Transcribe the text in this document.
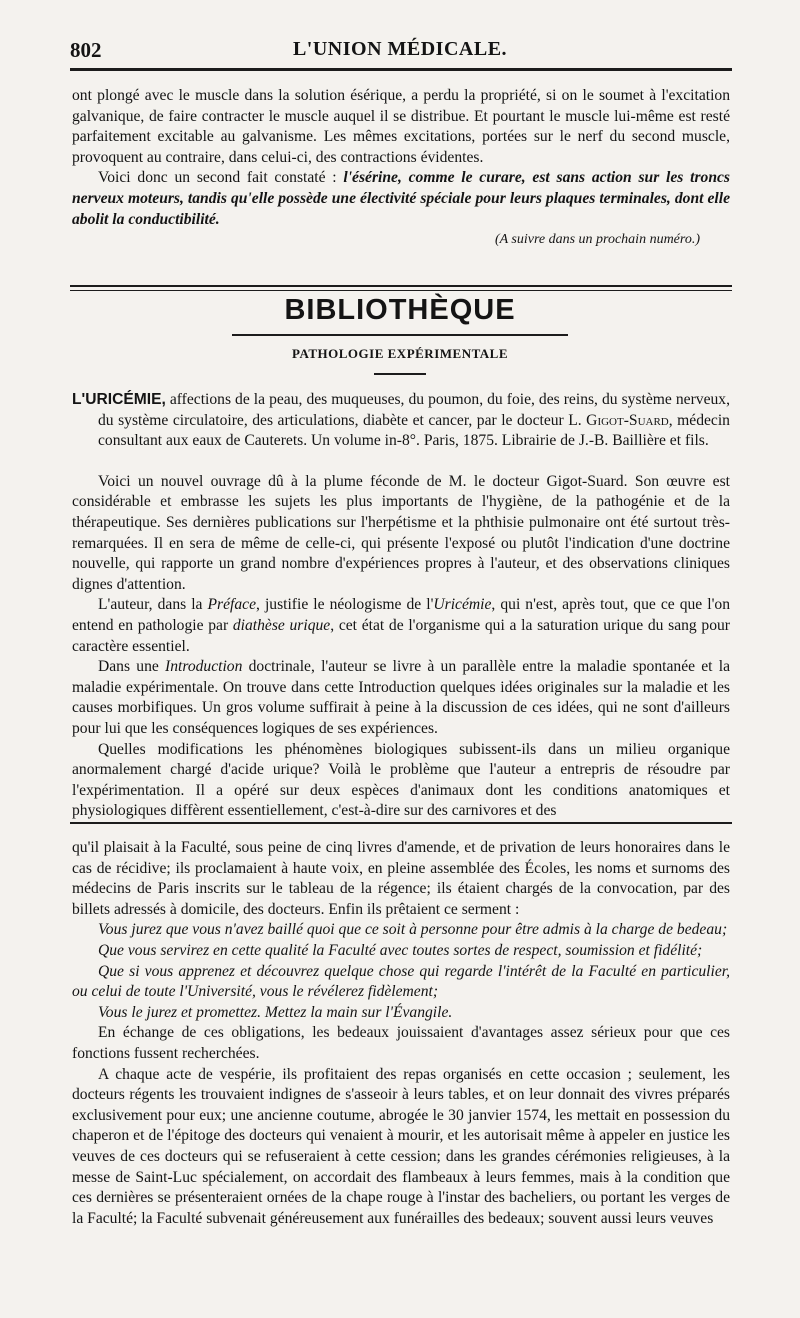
L'UNION MÉDICALE.
802

ont plongé avec le muscle dans la solution ésérique, a perdu la propriété, si on le soumet à l'excitation galvanique, de faire contracter le muscle auquel il se distribue. Et pourtant le muscle lui-même est resté parfaitement excitable au galvanisme. Les mêmes excitations, portées sur le nerf du second muscle, provoquent au contraire, dans celui-ci, des contractions évidentes.

Voici donc un second fait constaté : l'ésérine, comme le curare, est sans action sur les troncs nerveux moteurs, tandis qu'elle possède une électivité spéciale pour leurs plaques terminales, dont elle abolit la conductibilité.

(A suivre dans un prochain numéro.)

BIBLIOTHÈQUE
PATHOLOGIE EXPÉRIMENTALE

L'URICÉMIE, affections de la peau, des muqueuses, du poumon, du foie, des reins, du système nerveux, du système circulatoire, des articulations, diabète et cancer, par le docteur L. Gigot-Suard, médecin consultant aux eaux de Cauterets. Un volume in-8°. Paris, 1875. Librairie de J.-B. Baillière et fils.

Voici un nouvel ouvrage dû à la plume féconde de M. le docteur Gigot-Suard. Son œuvre est considérable et embrasse les sujets les plus importants de l'hygiène, de la pathogénie et de la thérapeutique. Ses dernières publications sur l'herpétisme et la phthisie pulmonaire ont été surtout très-remarquées. Il en sera de même de celle-ci, qui présente l'exposé ou plutôt l'indication d'une doctrine nouvelle, qui rapporte un grand nombre d'expériences propres à l'auteur, et des observations cliniques dignes d'attention.

L'auteur, dans la Préface, justifie le néologisme de l'Uricémie, qui n'est, après tout, que ce que l'on entend en pathologie par diathèse urique, cet état de l'organisme qui a la saturation urique du sang pour caractère essentiel.

Dans une Introduction doctrinale, l'auteur se livre à un parallèle entre la maladie spontanée et la maladie expérimentale. On trouve dans cette Introduction quelques idées originales sur la maladie et les causes morbifiques. Un gros volume suffirait à peine à la discussion de ces idées, qui ne sont d'ailleurs pour lui que les conséquences logiques de ses expériences.

Quelles modifications les phénomènes biologiques subissent-ils dans un milieu organique anormalement chargé d'acide urique? Voilà le problème que l'auteur a entrepris de résoudre par l'expérimentation. Il a opéré sur deux espèces d'animaux dont les conditions anatomiques et physiologiques diffèrent essentiellement, c'est-à-dire sur des carnivores et des

qu'il plaisait à la Faculté, sous peine de cinq livres d'amende, et de privation de leurs honoraires dans le cas de récidive; ils proclamaient à haute voix, en pleine assemblée des Écoles, les noms et surnoms des médecins de Paris inscrits sur le tableau de la régence; ils étaient chargés de la convocation, par des billets adressés à domicile, des docteurs. Enfin ils prêtaient ce serment :

Vous jurez que vous n'avez baillé quoi que ce soit à personne pour être admis à la charge de bedeau;

Que vous servirez en cette qualité la Faculté avec toutes sortes de respect, soumission et fidélité;

Que si vous apprenez et découvrez quelque chose qui regarde l'intérêt de la Faculté en particulier, ou celui de toute l'Université, vous le révélerez fidèlement;

Vous le jurez et promettez. Mettez la main sur l'Évangile.

En échange de ces obligations, les bedeaux jouissaient d'avantages assez sérieux pour que ces fonctions fussent recherchées.

A chaque acte de vespérie, ils profitaient des repas organisés en cette occasion ; seulement, les docteurs régents les trouvaient indignes de s'asseoir à leurs tables, et on leur donnait des vivres préparés exclusivement pour eux; une ancienne coutume, abrogée le 30 janvier 1574, les mettait en possession du chaperon et de l'épitoge des docteurs qui venaient à mourir, et les autorisait même à appeler en justice les veuves de ces docteurs qui se refuseraient à cette cession; dans les grandes cérémonies religieuses, à la messe de Saint-Luc spécialement, on accordait des flambeaux à leurs femmes, mais à la condition que ces dernières se présenteraient ornées de la chape rouge à l'instar des bacheliers, ou portant les verges de la Faculté; la Faculté subvenait généreusement aux funérailles des bedeaux; souvent aussi leurs veuves
